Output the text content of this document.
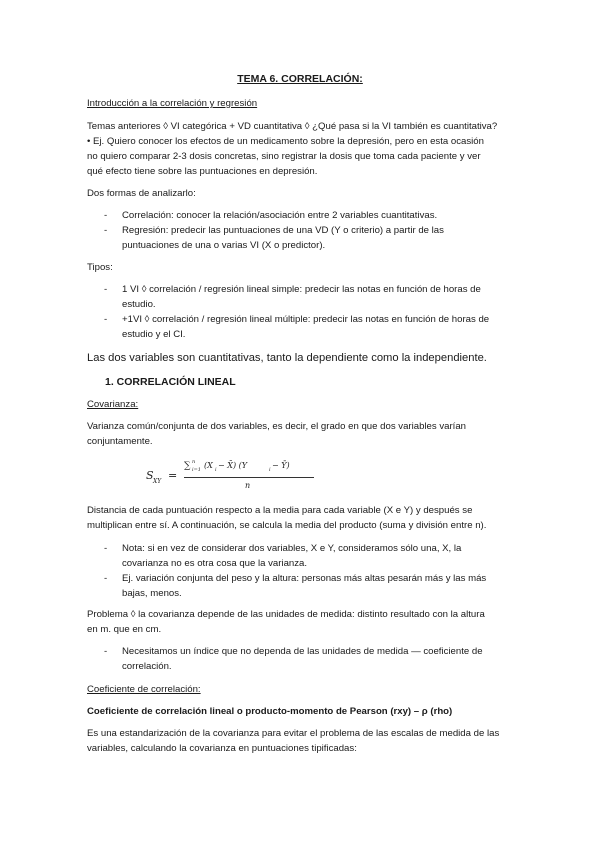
TEMA 6. CORRELACIÓN:
Introducción a la correlación y regresión
Temas anteriores ◊ VI categórica + VD cuantitativa ◊ ¿Qué pasa si la VI también es cuantitativa?
• Ej. Quiero conocer los efectos de un medicamento sobre la depresión, pero en esta ocasión
no quiero comparar 2-3 dosis concretas, sino registrar la dosis que toma cada paciente y ver
qué efecto tiene sobre las puntuaciones en depresión.
Dos formas de analizarlo:
- Correlación: conocer la relación/asociación entre 2 variables cuantitativas.
- Regresión: predecir las puntuaciones de una VD (Y o criterio) a partir de las
puntuaciones de una o varias VI (X o predictor).
Tipos:
- 1 VI ◊ correlación / regresión lineal simple: predecir las notas en función de horas de
estudio.
- +1VI ◊ correlación / regresión lineal múltiple: predecir las notas en función de horas de
estudio y el CI.
Las dos variables son cuantitativas, tanto la dependiente como la independiente.
1. CORRELACIÓN LINEAL
Covarianza:
Varianza común/conjunta de dos variables, es decir, el grado en que dos variables varían
conjuntamente.
S XY =
∑ n
i=1 (X i − X̄) (Y	i − Ȳ)
n
Distancia de cada puntuación respecto a la media para cada variable (X e Y) y después se
multiplican entre sí. A continuación, se calcula la media del producto (suma y división entre n).
- Nota: si en vez de considerar dos variables, X e Y, consideramos sólo una, X, la
covarianza no es otra cosa que la varianza.
- Ej. variación conjunta del peso y la altura: personas más altas pesarán más y las más
bajas, menos.
Problema ◊ la covarianza depende de las unidades de medida: distinto resultado con la altura
en m. que en cm.
- Necesitamos un índice que no dependa de las unidades de medida — coeficiente de
correlación.
Coeficiente de correlación:
Coeficiente de correlación lineal o producto-momento de Pearson (rxy) – ρ (rho)
Es una estandarización de la covarianza para evitar el problema de las escalas de medida de las
variables, calculando la covarianza en puntuaciones tipificadas:
